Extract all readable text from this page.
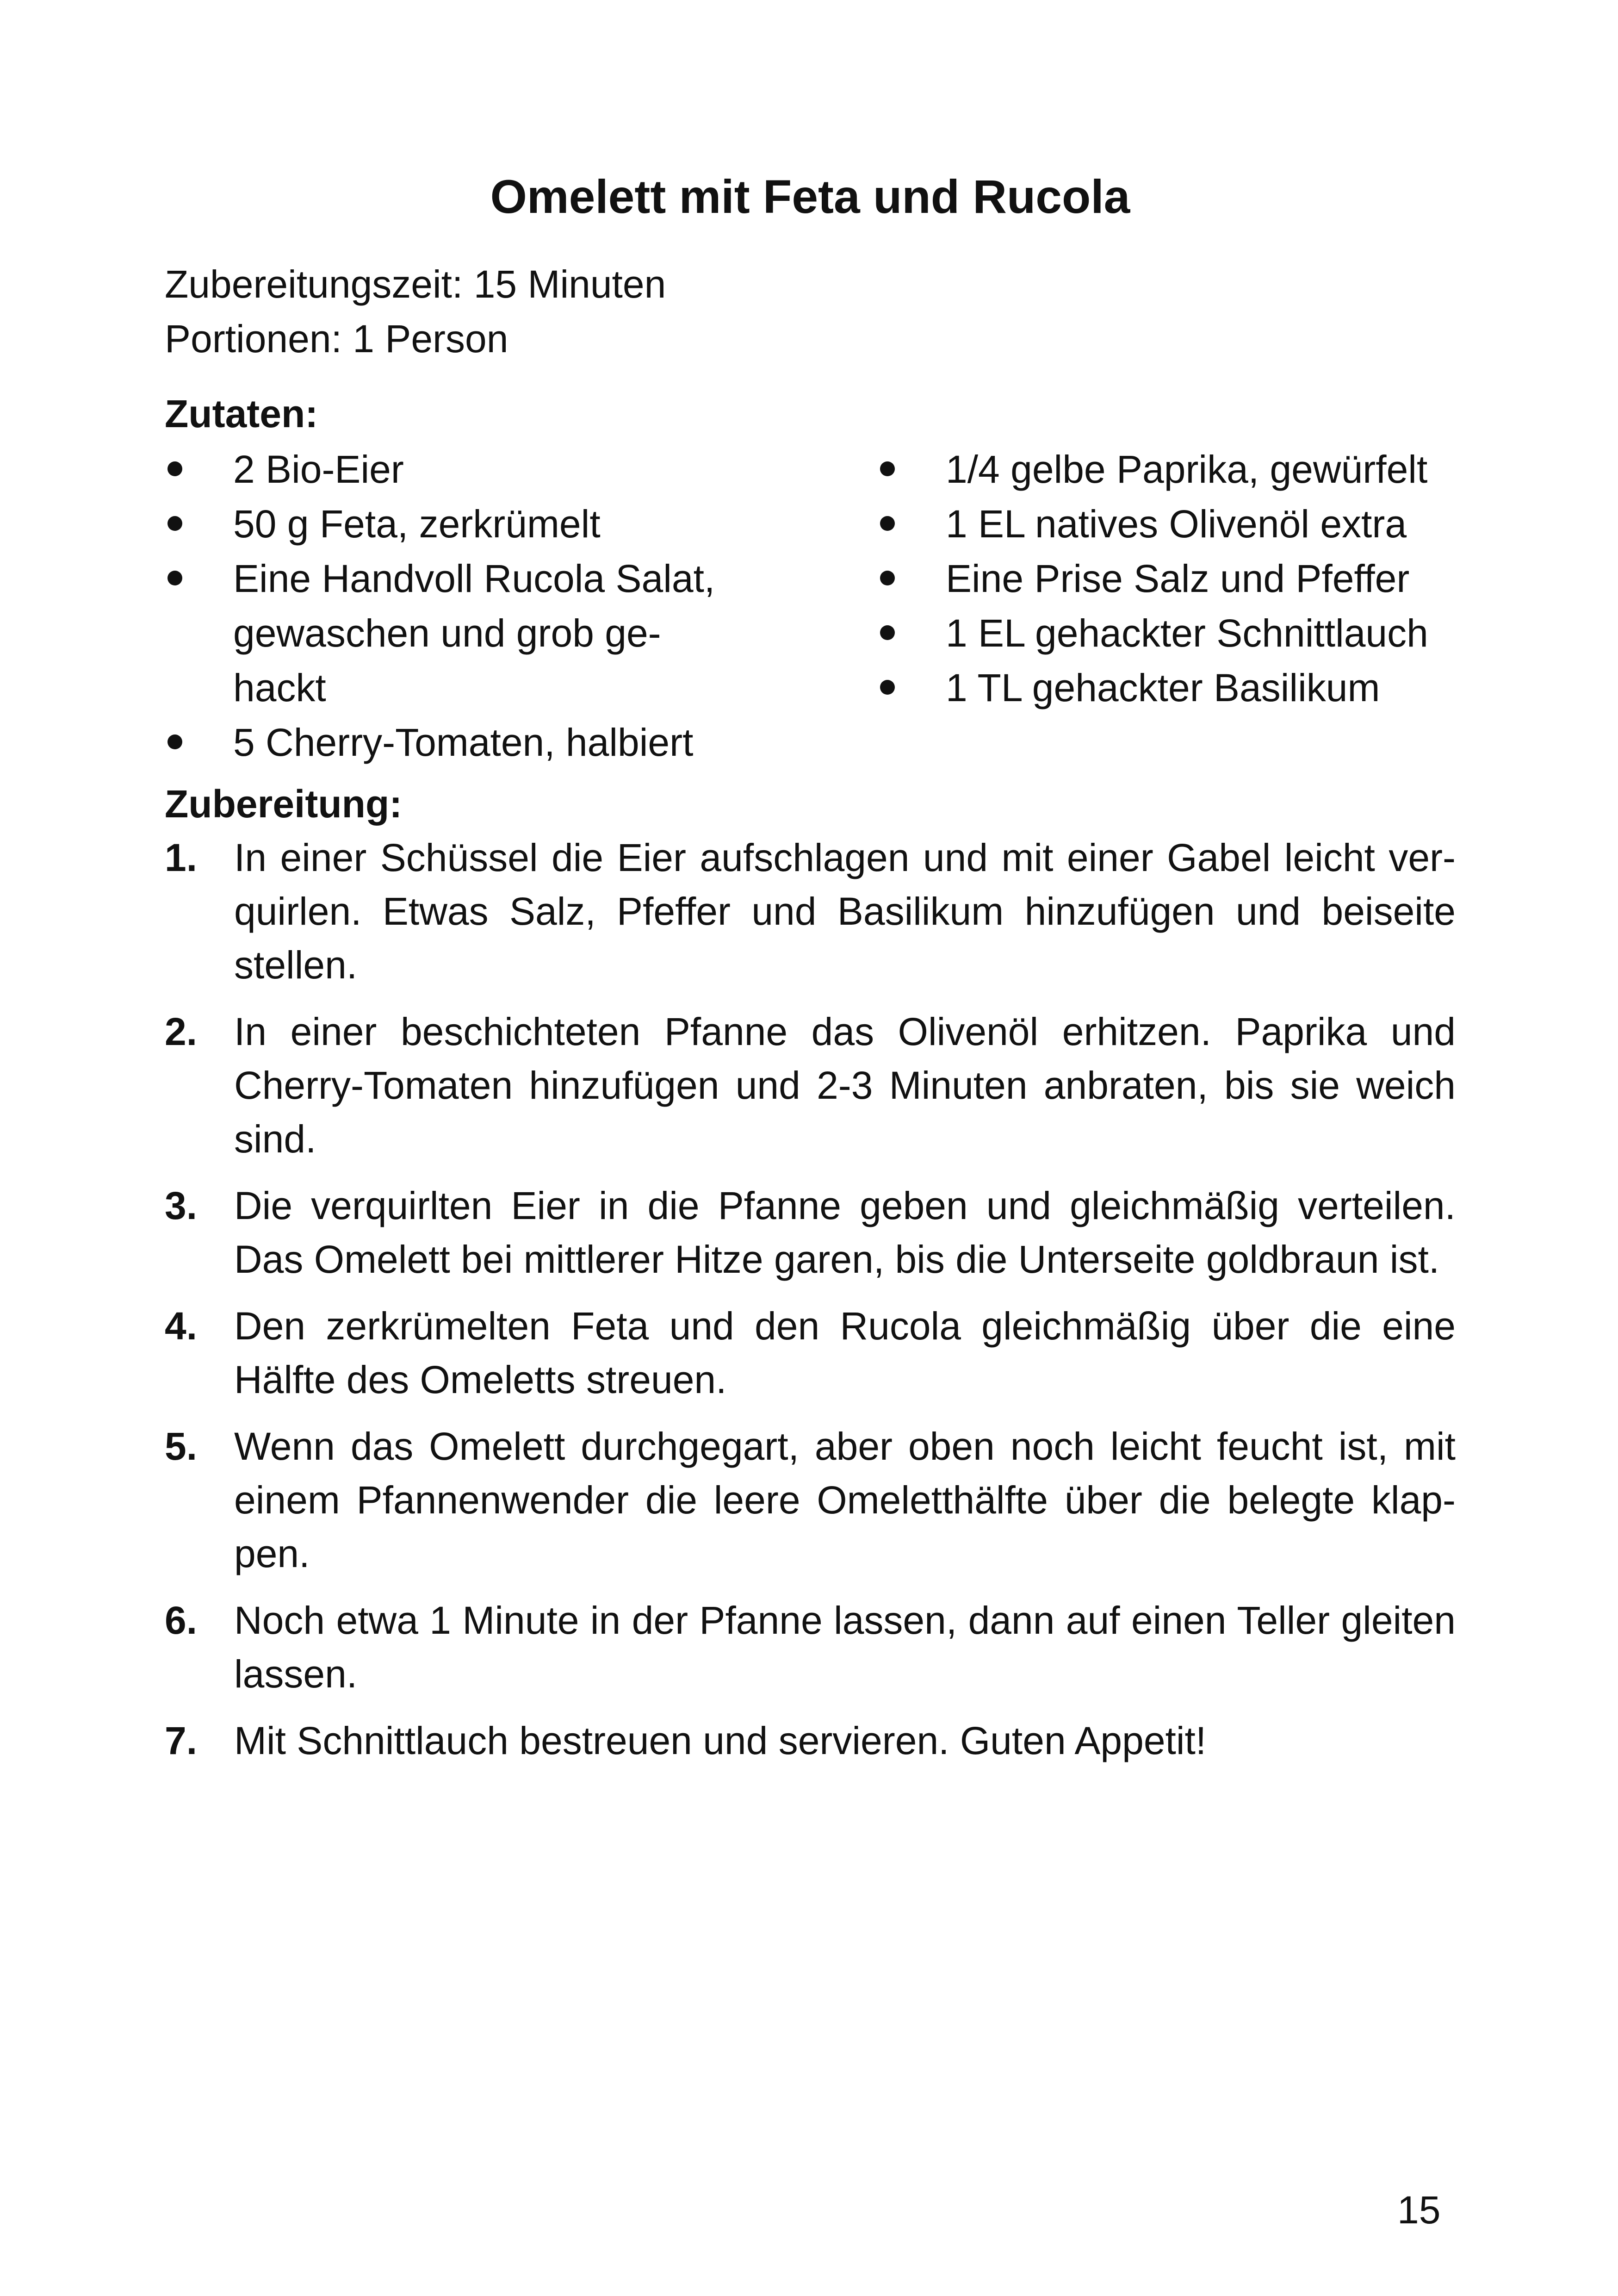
Omelett mit Feta und Rucola
Zubereitungszeit: 15 Minuten
Portionen: 1 Person
Zutaten:
2 Bio-Eier
50 g Feta, zerkrümelt
Eine Handvoll Rucola Salat, gewaschen und grob ge- hackt
5 Cherry-Tomaten, halbiert
1/4 gelbe Paprika, gewürfelt
1 EL natives Olivenöl extra
Eine Prise Salz und Pfeffer
1 EL gehackter Schnittlauch
1 TL gehackter Basilikum
Zubereitung:
1. In einer Schüssel die Eier aufschlagen und mit einer Gabel leicht ver- quirlen. Etwas Salz, Pfeffer und Basilikum hinzufügen und beiseite stellen.
2. In einer beschichteten Pfanne das Olivenöl erhitzen. Paprika und Cherry-Tomaten hinzufügen und 2-3 Minuten anbraten, bis sie weich sind.
3. Die verquirlten Eier in die Pfanne geben und gleichmäßig verteilen. Das Omelett bei mittlerer Hitze garen, bis die Unterseite goldbraun ist.
4. Den zerkrümelten Feta und den Rucola gleichmäßig über die eine Hälfte des Omeletts streuen.
5. Wenn das Omelett durchgegart, aber oben noch leicht feucht ist, mit einem Pfannenwender die leere Omeletthälfte über die belegte klap- pen.
6. Noch etwa 1 Minute in der Pfanne lassen, dann auf einen Teller gleiten lassen.
7. Mit Schnittlauch bestreuen und servieren. Guten Appetit!
15
